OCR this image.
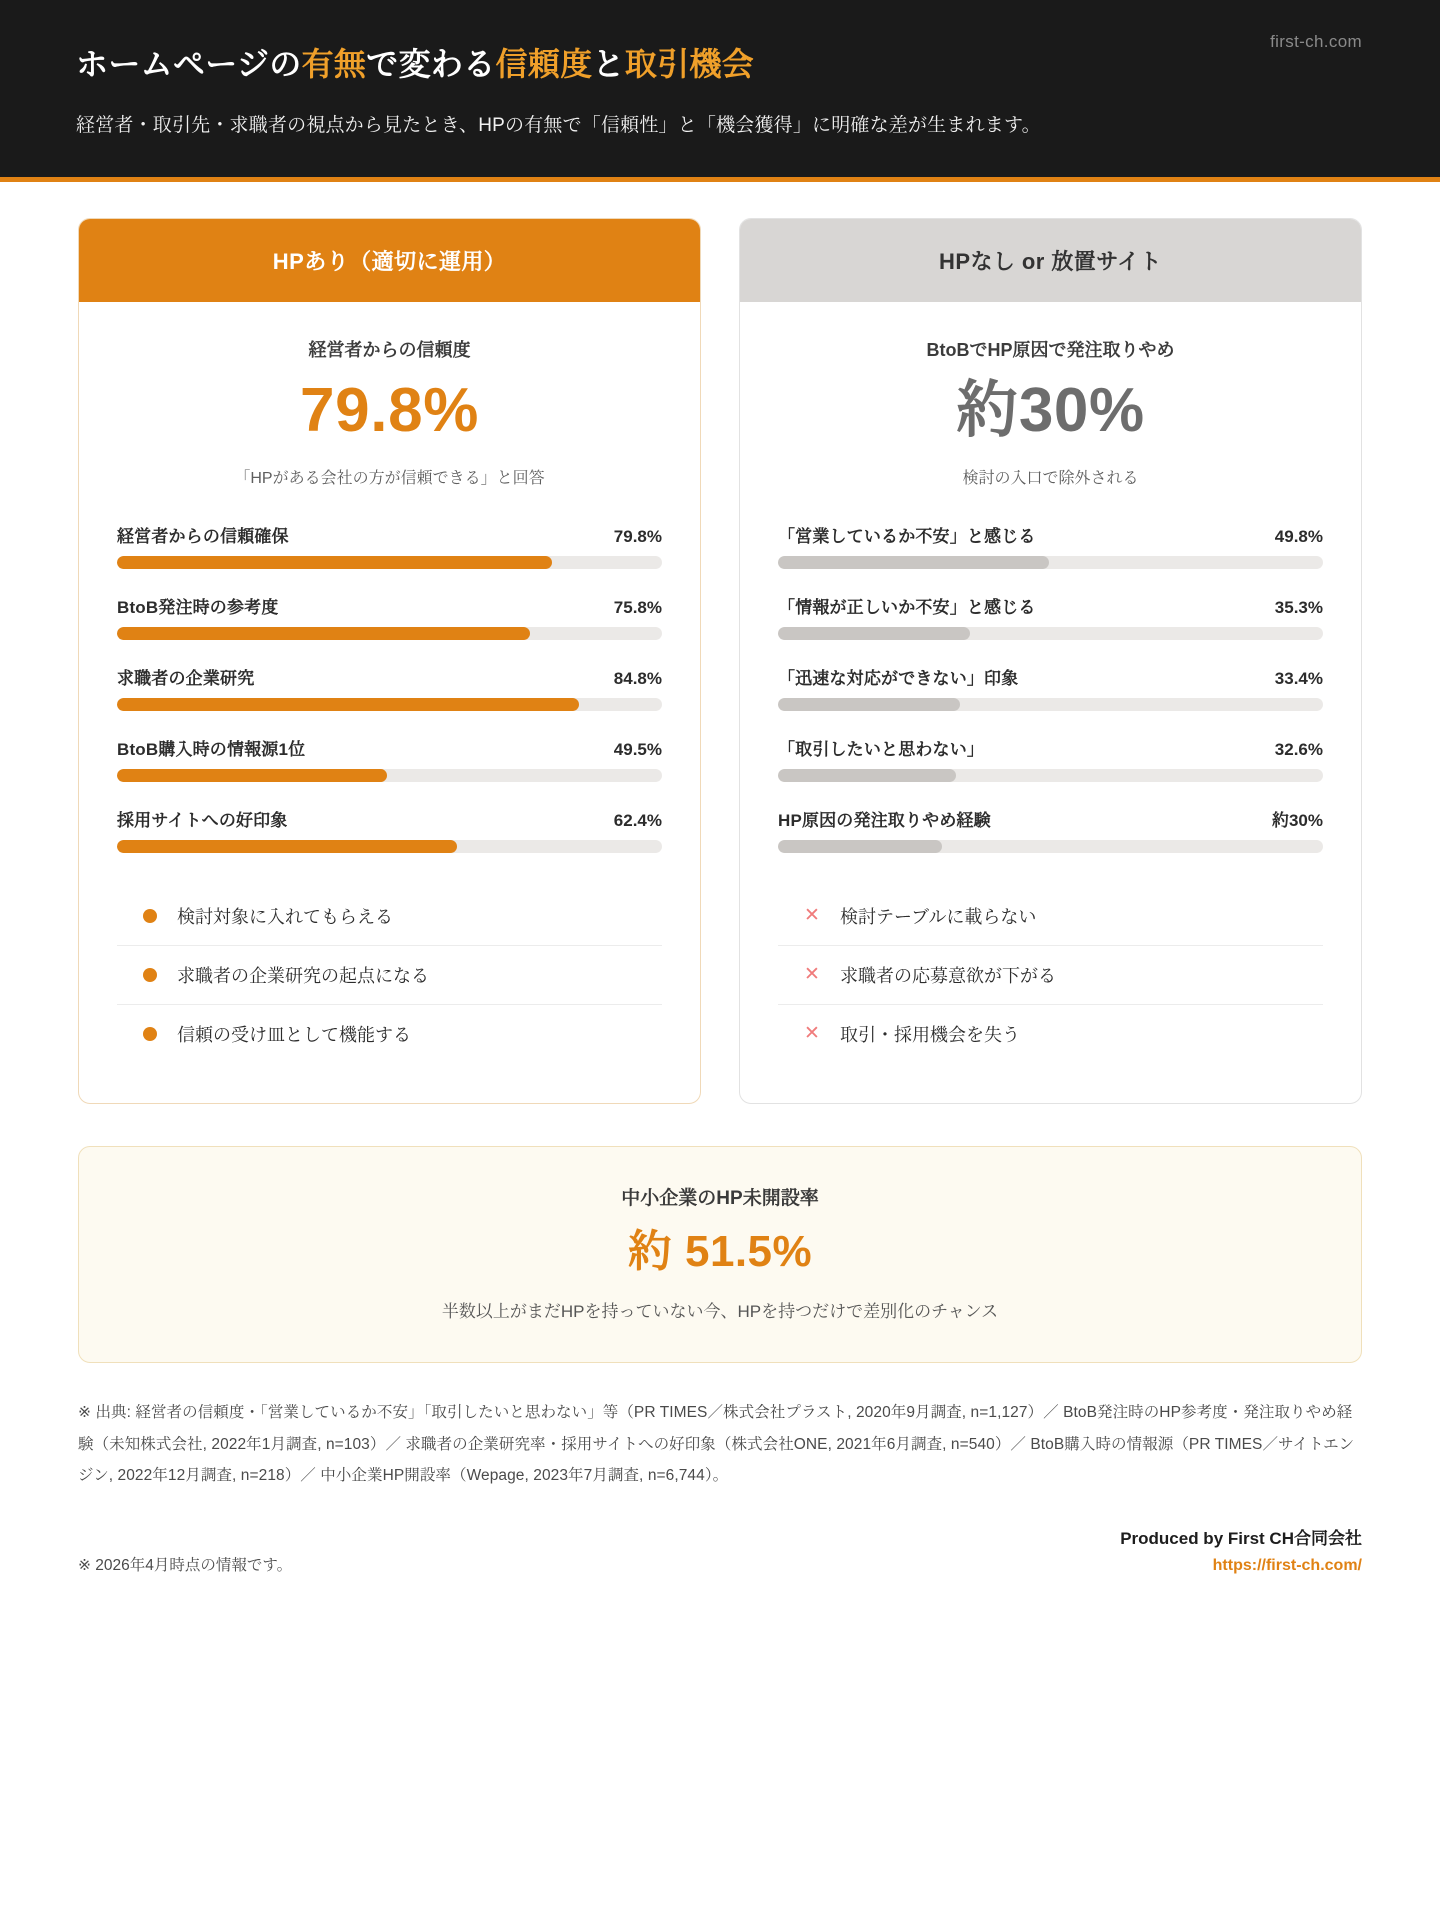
first-ch.com
ホームページの有無で変わる信頼度と取引機会

経営者・取引先・求職者の視点から見たとき、HPの有無で「信頼性」と「機会獲得」に明確な差が生まれます。

HPあり（適切に運用）
経営者からの信頼度
79.8%
「HPがある会社の方が信頼できる」と回答
経営者からの信頼確保	79.8%
BtoB発注時の参考度	75.8%
求職者の企業研究	84.8%
BtoB購入時の情報源1位	49.5%
採用サイトへの好印象	62.4%
検討対象に入れてもらえる
求職者の企業研究の起点になる
信頼の受け皿として機能する
HPなし or 放置サイト
BtoBでHP原因で発注取りやめ
約30%
検討の入口で除外される
「営業しているか不安」と感じる	49.8%
「情報が正しいか不安」と感じる	35.3%
「迅速な対応ができない」印象	33.4%
「取引したいと思わない」	32.6%
HP原因の発注取りやめ経験	約30%
✕ 検討テーブルに載らない
✕ 求職者の応募意欲が下がる
✕ 取引・採用機会を失う
中小企業のHP未開設率
約 51.5%
半数以上がまだHPを持っていない今、HPを持つだけで差別化のチャンス
※ 出典: 経営者の信頼度・「営業しているか不安」「取引したいと思わない」等（PR TIMES／株式会社プラスト, 2020年9月調査, n=1,127）／ BtoB発注時のHP参考度・発注取りやめ経験（未知株式会社, 2022年1月調査, n=103）／ 求職者の企業研究率・採用サイトへの好印象（株式会社ONE, 2021年6月調査, n=540）／ BtoB購入時の情報源（PR TIMES／サイトエンジン, 2022年12月調査, n=218）／ 中小企業HP開設率（Wepage, 2023年7月調査, n=6,744）。
※ 2026年4月時点の情報です。
Produced by First CH合同会社
https://first-ch.com/
